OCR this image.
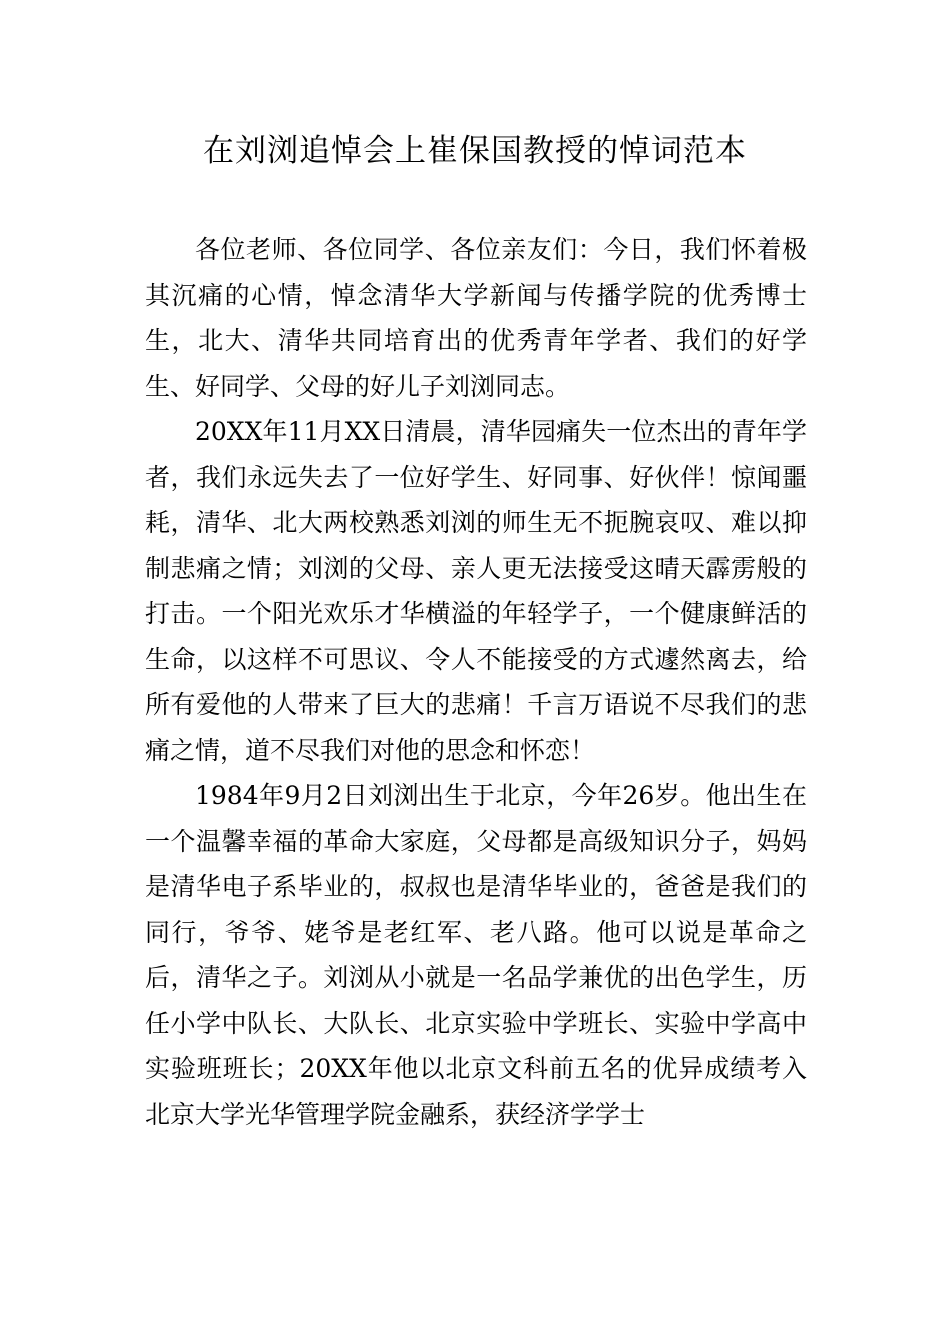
在刘浏追悼会上崔保国教授的悼词范本

各位老师、各位同学、各位亲友们：今日，我们怀着极其沉痛的心情，悼念清华大学新闻与传播学院的优秀博士生，北大、清华共同培育出的优秀青年学者、我们的好学生、好同学、父母的好儿子刘浏同志。

20XX年11月XX日清晨，清华园痛失一位杰出的青年学者，我们永远失去了一位好学生、好同事、好伙伴！惊闻噩耗，清华、北大两校熟悉刘浏的师生无不扼腕哀叹、难以抑制悲痛之情；刘浏的父母、亲人更无法接受这晴天霹雳般的打击。一个阳光欢乐才华横溢的年轻学子，一个健康鲜活的生命，以这样不可思议、令人不能接受的方式遽然离去，给所有爱他的人带来了巨大的悲痛！千言万语说不尽我们的悲痛之情，道不尽我们对他的思念和怀恋！

1984年9月2日刘浏出生于北京，今年26岁。他出生在一个温馨幸福的革命大家庭，父母都是高级知识分子，妈妈是清华电子系毕业的，叔叔也是清华毕业的，爸爸是我们的同行，爷爷、姥爷是老红军、老八路。他可以说是革命之后，清华之子。刘浏从小就是一名品学兼优的出色学生，历任小学中队长、大队长、北京实验中学班长、实验中学高中实验班班长；20XX年他以北京文科前五名的优异成绩考入北京大学光华管理学院金融系，获经济学学士
